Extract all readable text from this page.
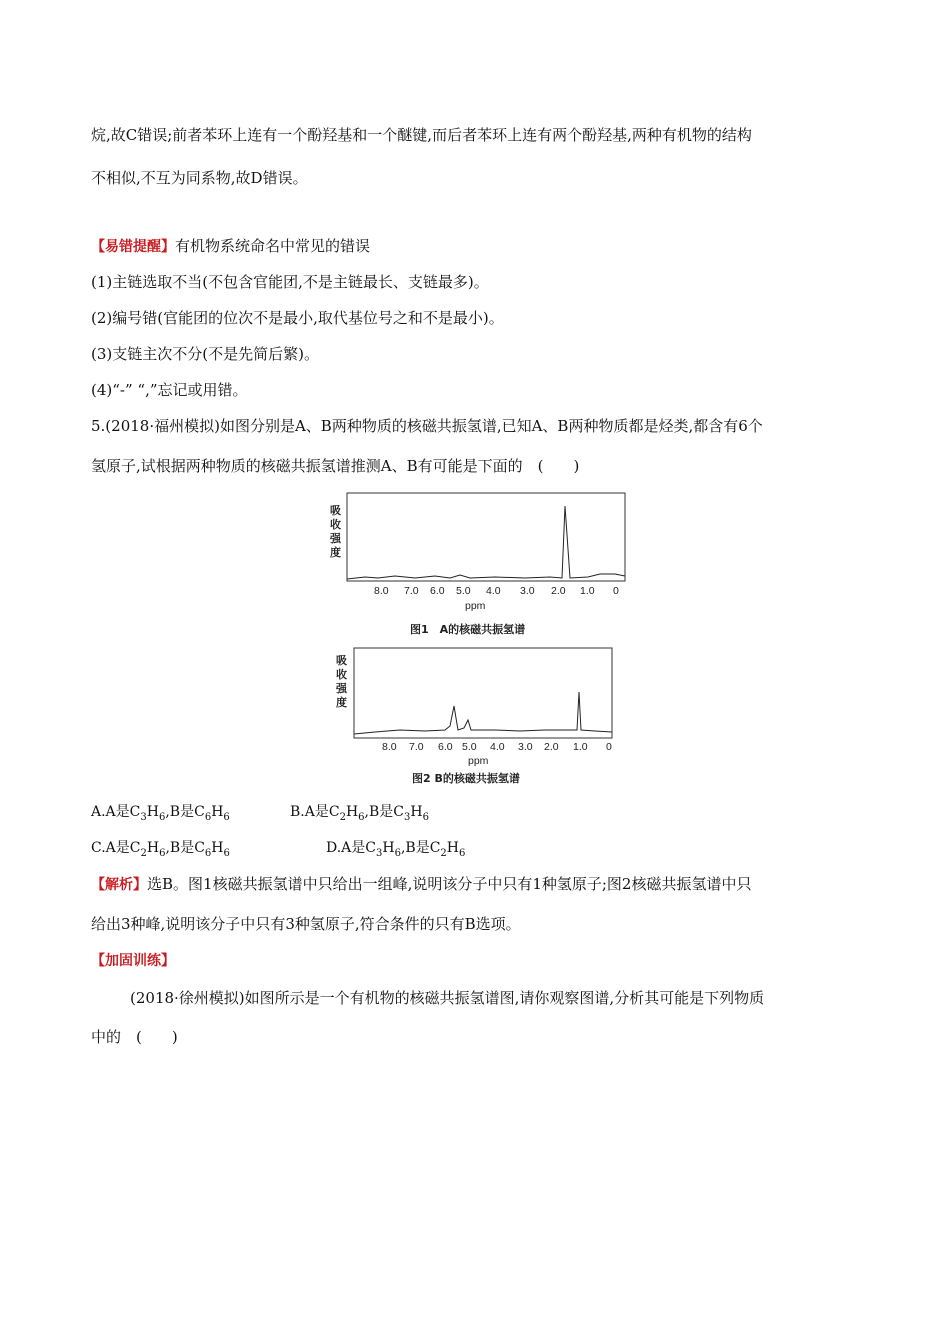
烷,故C错误;前者苯环上连有一个酚羟基和一个醚键,而后者苯环上连有两个酚羟基,两种有机物的结构
不相似,不互为同系物,故D错误。
【易错提醒】有机物系统命名中常见的错误
(1)主链选取不当(不包含官能团,不是主链最长、支链最多)。
(2)编号错(官能团的位次不是最小,取代基位号之和不是最小)。
(3)支链主次不分(不是先简后繁)。
(4)“-” “,”忘记或用错。
5.(2018·福州模拟)如图分别是A、B两种物质的核磁共振氢谱,已知A、B两种物质都是烃类,都含有6个
氢原子,试根据两种物质的核磁共振氢谱推测A、B有可能是下面的　(　　)
吸
收
强
度
8.0 7.0 6.0 5.0 4.0 3.0 2.0 1.0 0
ppm
图1　A的核磁共振氢谱
吸
收
强
度
8.0 7.0 6.0 5.0 4.0 3.0 2.0 1.0 0
ppm
图2 B的核磁共振氢谱
A.A是$C_3H_6,B$是$C_6H_6$	B.A是$C_2H_6,B$是$C_3H_6$
C.A是$C_2H_6,B$是$C_6H_6$	D.A是$C_3H_6,B$是$C_2H_6$
【解析】选B。图1核磁共振氢谱中只给出一组峰,说明该分子中只有1种氢原子;图2核磁共振氢谱中只
给出3种峰,说明该分子中只有3种氢原子,符合条件的只有B选项。
【加固训练】
(2018·徐州模拟)如图所示是一个有机物的核磁共振氢谱图,请你观察图谱,分析其可能是下列物质
中的　(　　)
